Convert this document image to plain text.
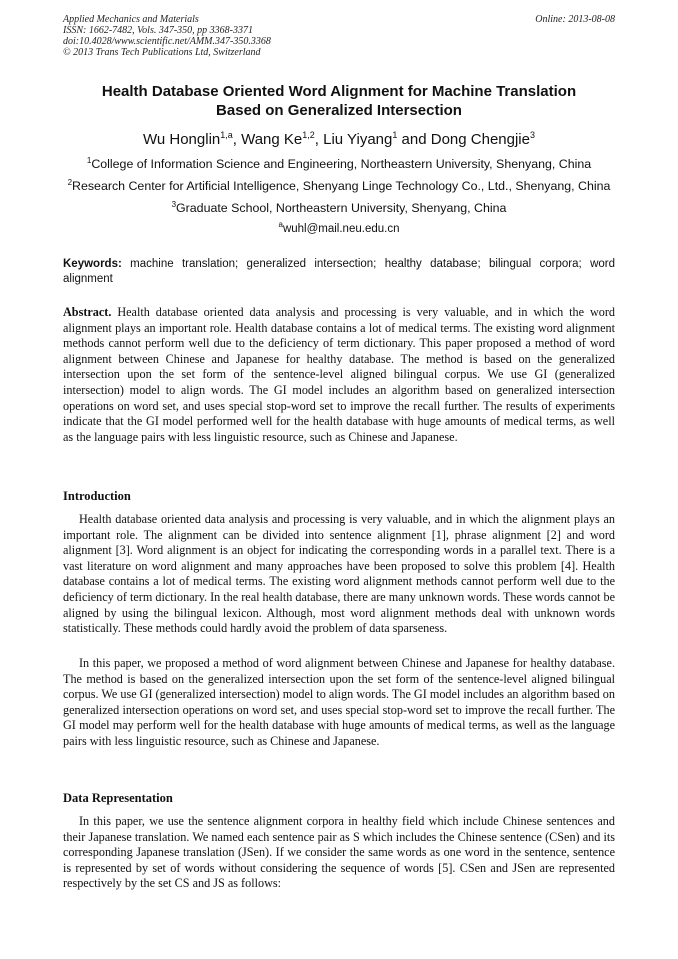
Applied Mechanics and Materials
ISSN: 1662-7482, Vols. 347-350, pp 3368-3371
doi:10.4028/www.scientific.net/AMM.347-350.3368
© 2013 Trans Tech Publications Ltd, Switzerland
Online: 2013-08-08
Health Database Oriented Word Alignment for Machine Translation
Based on Generalized Intersection
Wu Honglin$^{1,a}$, Wang Ke$^{1,2}$, Liu Yiyang$^1$ and Dong Chengjie$^3$
$^1$College of Information Science and Engineering, Northeastern University, Shenyang, China
$^2$Research Center for Artificial Intelligence, Shenyang Linge Technology Co., Ltd., Shenyang, China
$^3$Graduate School, Northeastern University, Shenyang, China
$^a$wuhl@mail.neu.edu.cn
Keywords: machine translation; generalized intersection; healthy database; bilingual corpora; word alignment
Abstract. Health database oriented data analysis and processing is very valuable, and in which the word alignment plays an important role. Health database contains a lot of medical terms. The existing word alignment methods cannot perform well due to the deficiency of term dictionary. This paper proposed a method of word alignment between Chinese and Japanese for healthy database. The method is based on the generalized intersection upon the set form of the sentence-level aligned bilingual corpus. We use GI (generalized intersection) model to align words. The GI model includes an algorithm based on generalized intersection operations on word set, and uses special stop-word set to improve the recall further. The results of experiments indicate that the GI model performed well for the health database with huge amounts of medical terms, as well as the language pairs with less linguistic resource, such as Chinese and Japanese.
Introduction

Health database oriented data analysis and processing is very valuable, and in which the alignment plays an important role. The alignment can be divided into sentence alignment [1], phrase alignment [2] and word alignment [3]. Word alignment is an object for indicating the corresponding words in a parallel text. There is a vast literature on word alignment and many approaches have been proposed to solve this problem [4]. Health database contains a lot of medical terms. The existing word alignment methods cannot perform well due to the deficiency of term dictionary. In the real health database, there are many unknown words. These words cannot be aligned by using the bilingual lexicon. Although, most word alignment methods deal with unknown words statistically. These methods could hardly avoid the problem of data sparseness.

In this paper, we proposed a method of word alignment between Chinese and Japanese for healthy database. The method is based on the generalized intersection upon the set form of the sentence-level aligned bilingual corpus. We use GI (generalized intersection) model to align words. The GI model includes an algorithm based on generalized intersection operations on word set, and uses special stop-word set to improve the recall further. The GI model may perform well for the health database with huge amounts of medical terms, as well as the language pairs with less linguistic resource, such as Chinese and Japanese.

Data Representation

In this paper, we use the sentence alignment corpora in healthy field which include Chinese sentences and their Japanese translation. We named each sentence pair as S which includes the Chinese sentence (CSen) and its corresponding Japanese translation (JSen). If we consider the same words as one word in the sentence, sentence is represented by set of words without considering the sequence of words [5]. CSen and JSen are represented respectively by the set CS and JS as follows:
